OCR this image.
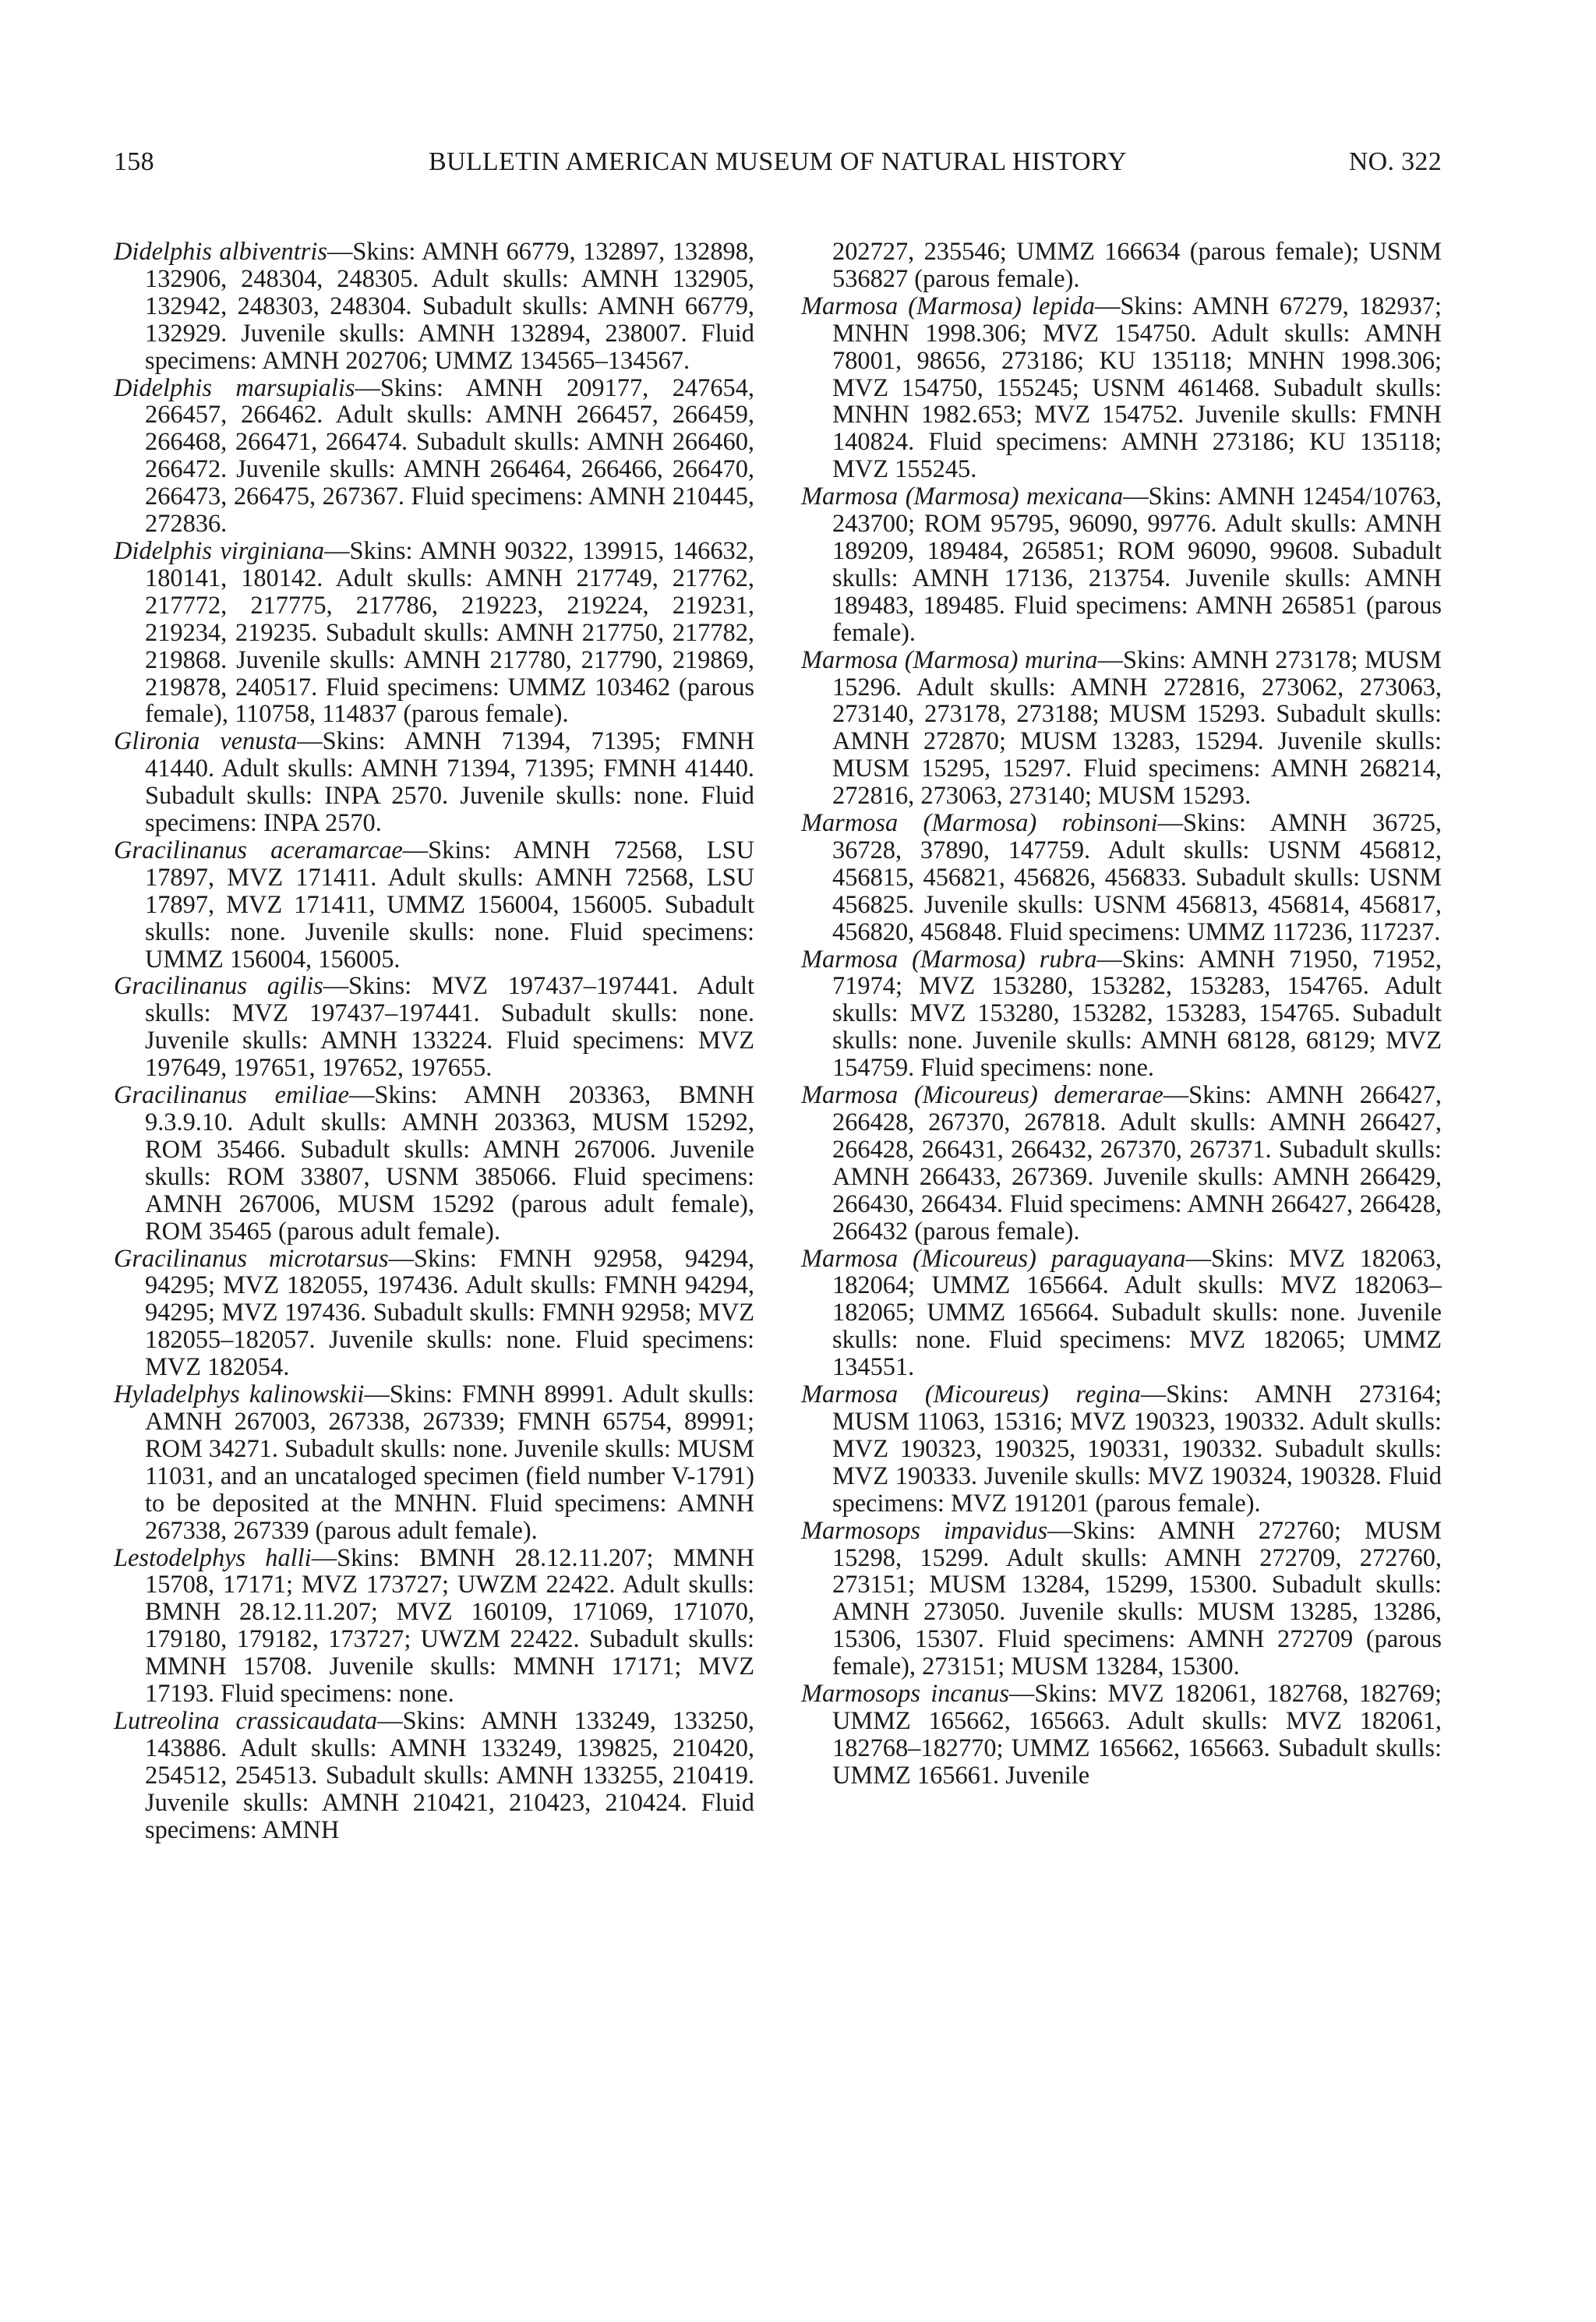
158	BULLETIN AMERICAN MUSEUM OF NATURAL HISTORY	NO. 322

Didelphis albiventris—Skins: AMNH 66779, 132897, 132898, 132906, 248304, 248305. Adult skulls: AMNH 132905, 132942, 248303, 248304. Subadult skulls: AMNH 66779, 132929. Juvenile skulls: AMNH 132894, 238007. Fluid specimens: AMNH 202706; UMMZ 134565–134567.

Didelphis marsupialis—Skins: AMNH 209177, 247654, 266457, 266462. Adult skulls: AMNH 266457, 266459, 266468, 266471, 266474. Subadult skulls: AMNH 266460, 266472. Juvenile skulls: AMNH 266464, 266466, 266470, 266473, 266475, 267367. Fluid specimens: AMNH 210445, 272836.

Didelphis virginiana—Skins: AMNH 90322, 139915, 146632, 180141, 180142. Adult skulls: AMNH 217749, 217762, 217772, 217775, 217786, 219223, 219224, 219231, 219234, 219235. Subadult skulls: AMNH 217750, 217782, 219868. Juvenile skulls: AMNH 217780, 217790, 219869, 219878, 240517. Fluid specimens: UMMZ 103462 (parous female), 110758, 114837 (parous female).

Glironia venusta—Skins: AMNH 71394, 71395; FMNH 41440. Adult skulls: AMNH 71394, 71395; FMNH 41440. Subadult skulls: INPA 2570. Juvenile skulls: none. Fluid specimens: INPA 2570.

Gracilinanus aceramarcae—Skins: AMNH 72568, LSU 17897, MVZ 171411. Adult skulls: AMNH 72568, LSU 17897, MVZ 171411, UMMZ 156004, 156005. Subadult skulls: none. Juvenile skulls: none. Fluid specimens: UMMZ 156004, 156005.

Gracilinanus agilis—Skins: MVZ 197437–197441. Adult skulls: MVZ 197437–197441. Subadult skulls: none. Juvenile skulls: AMNH 133224. Fluid specimens: MVZ 197649, 197651, 197652, 197655.

Gracilinanus emiliae—Skins: AMNH 203363, BMNH 9.3.9.10. Adult skulls: AMNH 203363, MUSM 15292, ROM 35466. Subadult skulls: AMNH 267006. Juvenile skulls: ROM 33807, USNM 385066. Fluid specimens: AMNH 267006, MUSM 15292 (parous adult female), ROM 35465 (parous adult female).

Gracilinanus microtarsus—Skins: FMNH 92958, 94294, 94295; MVZ 182055, 197436. Adult skulls: FMNH 94294, 94295; MVZ 197436. Subadult skulls: FMNH 92958; MVZ 182055–182057. Juvenile skulls: none. Fluid specimens: MVZ 182054.

Hyladelphys kalinowskii—Skins: FMNH 89991. Adult skulls: AMNH 267003, 267338, 267339; FMNH 65754, 89991; ROM 34271. Subadult skulls: none. Juvenile skulls: MUSM 11031, and an uncataloged specimen (field number V-1791) to be deposited at the MNHN. Fluid specimens: AMNH 267338, 267339 (parous adult female).

Lestodelphys halli—Skins: BMNH 28.12.11.207; MMNH 15708, 17171; MVZ 173727; UWZM 22422. Adult skulls: BMNH 28.12.11.207; MVZ 160109, 171069, 171070, 179180, 179182, 173727; UWZM 22422. Subadult skulls: MMNH 15708. Juvenile skulls: MMNH 17171; MVZ 17193. Fluid specimens: none.

Lutreolina crassicaudata—Skins: AMNH 133249, 133250, 143886. Adult skulls: AMNH 133249, 139825, 210420, 254512, 254513. Subadult skulls: AMNH 133255, 210419. Juvenile skulls: AMNH 210421, 210423, 210424. Fluid specimens: AMNH

202727, 235546; UMMZ 166634 (parous female); USNM 536827 (parous female).

Marmosa (Marmosa) lepida—Skins: AMNH 67279, 182937; MNHN 1998.306; MVZ 154750. Adult skulls: AMNH 78001, 98656, 273186; KU 135118; MNHN 1998.306; MVZ 154750, 155245; USNM 461468. Subadult skulls: MNHN 1982.653; MVZ 154752. Juvenile skulls: FMNH 140824. Fluid specimens: AMNH 273186; KU 135118; MVZ 155245.

Marmosa (Marmosa) mexicana—Skins: AMNH 12454/10763, 243700; ROM 95795, 96090, 99776. Adult skulls: AMNH 189209, 189484, 265851; ROM 96090, 99608. Subadult skulls: AMNH 17136, 213754. Juvenile skulls: AMNH 189483, 189485. Fluid specimens: AMNH 265851 (parous female).

Marmosa (Marmosa) murina—Skins: AMNH 273178; MUSM 15296. Adult skulls: AMNH 272816, 273062, 273063, 273140, 273178, 273188; MUSM 15293. Subadult skulls: AMNH 272870; MUSM 13283, 15294. Juvenile skulls: MUSM 15295, 15297. Fluid specimens: AMNH 268214, 272816, 273063, 273140; MUSM 15293.

Marmosa (Marmosa) robinsoni—Skins: AMNH 36725, 36728, 37890, 147759. Adult skulls: USNM 456812, 456815, 456821, 456826, 456833. Subadult skulls: USNM 456825. Juvenile skulls: USNM 456813, 456814, 456817, 456820, 456848. Fluid specimens: UMMZ 117236, 117237.

Marmosa (Marmosa) rubra—Skins: AMNH 71950, 71952, 71974; MVZ 153280, 153282, 153283, 154765. Adult skulls: MVZ 153280, 153282, 153283, 154765. Subadult skulls: none. Juvenile skulls: AMNH 68128, 68129; MVZ 154759. Fluid specimens: none.

Marmosa (Micoureus) demerarae—Skins: AMNH 266427, 266428, 267370, 267818. Adult skulls: AMNH 266427, 266428, 266431, 266432, 267370, 267371. Subadult skulls: AMNH 266433, 267369. Juvenile skulls: AMNH 266429, 266430, 266434. Fluid specimens: AMNH 266427, 266428, 266432 (parous female).

Marmosa (Micoureus) paraguayana—Skins: MVZ 182063, 182064; UMMZ 165664. Adult skulls: MVZ 182063–182065; UMMZ 165664. Subadult skulls: none. Juvenile skulls: none. Fluid specimens: MVZ 182065; UMMZ 134551.

Marmosa (Micoureus) regina—Skins: AMNH 273164; MUSM 11063, 15316; MVZ 190323, 190332. Adult skulls: MVZ 190323, 190325, 190331, 190332. Subadult skulls: MVZ 190333. Juvenile skulls: MVZ 190324, 190328. Fluid specimens: MVZ 191201 (parous female).

Marmosops impavidus—Skins: AMNH 272760; MUSM 15298, 15299. Adult skulls: AMNH 272709, 272760, 273151; MUSM 13284, 15299, 15300. Subadult skulls: AMNH 273050. Juvenile skulls: MUSM 13285, 13286, 15306, 15307. Fluid specimens: AMNH 272709 (parous female), 273151; MUSM 13284, 15300.

Marmosops incanus—Skins: MVZ 182061, 182768, 182769; UMMZ 165662, 165663. Adult skulls: MVZ 182061, 182768–182770; UMMZ 165662, 165663. Subadult skulls: UMMZ 165661. Juvenile
